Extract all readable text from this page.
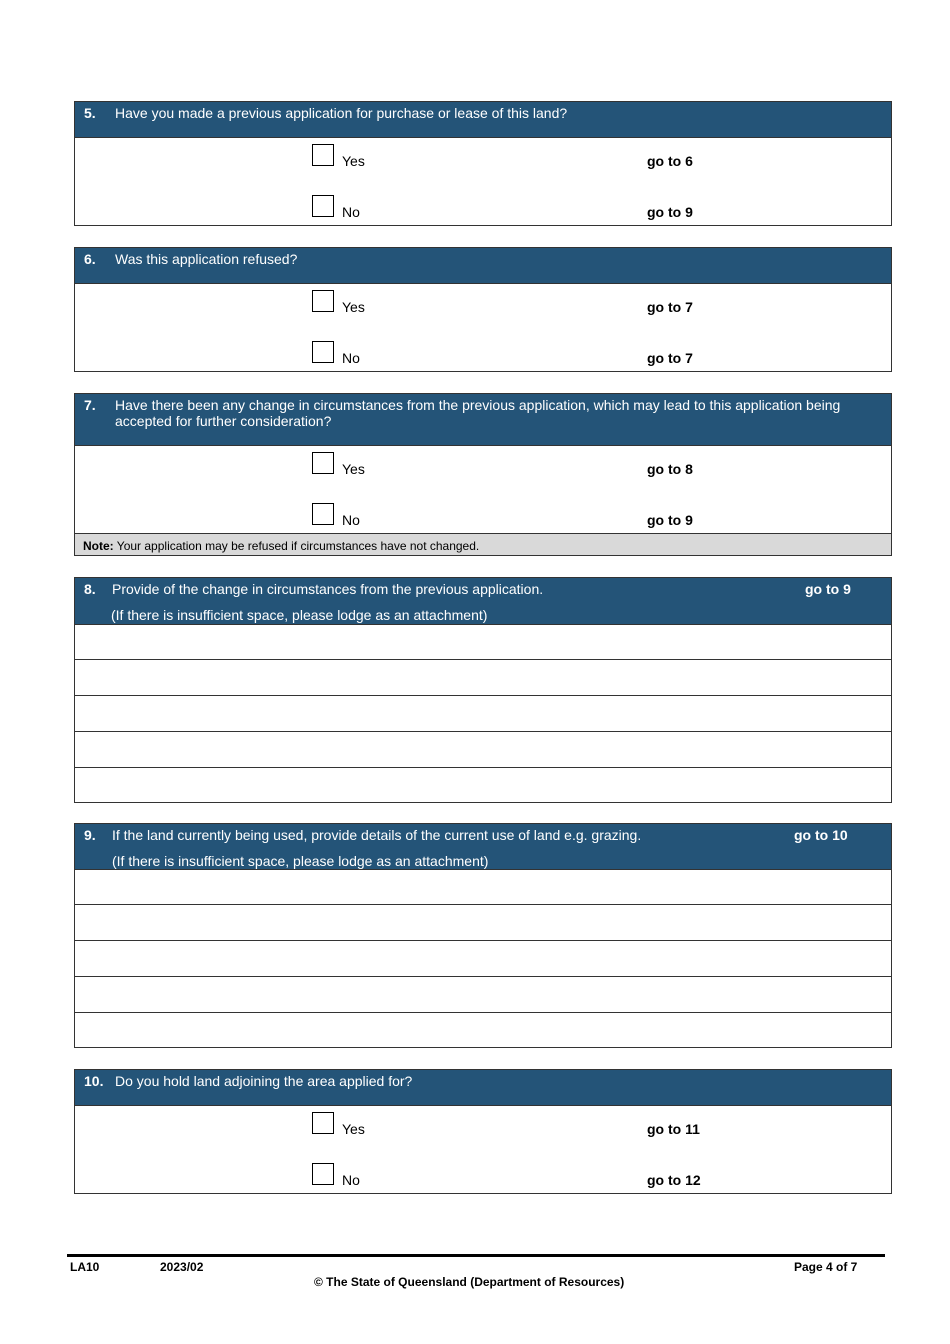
5. Have you made a previous application for purchase or lease of this land?
Yes	go to 6
No	go to 9
6. Was this application refused?
Yes	go to 7
No	go to 7
7. Have there been any change in circumstances from the previous application, which may lead to this application being accepted for further consideration?
Yes	go to 8
No	go to 9
Note: Your application may be refused if circumstances have not changed.
8. Provide of the change in circumstances from the previous application.	go to 9
(If there is insufficient space, please lodge as an attachment)
9. If the land currently being used, provide details of the current use of land e.g. grazing.	go to 10
(If there is insufficient space, please lodge as an attachment)
10. Do you hold land adjoining the area applied for?
Yes	go to 11
No	go to 12
LA10	2023/02	Page 4 of 7
© The State of Queensland (Department of Resources)
